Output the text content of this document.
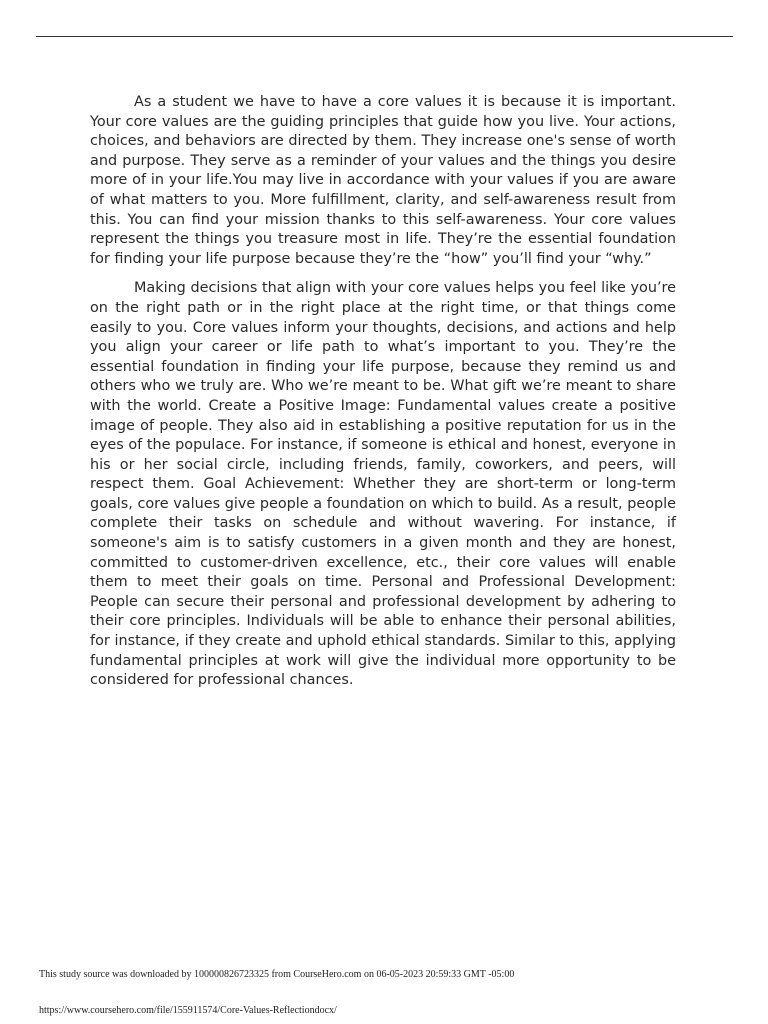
As a student we have to have a core values it is because it is important. Your core values are the guiding principles that guide how you live. Your actions, choices, and behaviors are directed by them. They increase one's sense of worth and purpose. They serve as a reminder of your values and the things you desire more of in your life.You may live in accordance with your values if you are aware of what matters to you. More fulfillment, clarity, and self-awareness result from this. You can find your mission thanks to this self-awareness. Your core values represent the things you treasure most in life. They’re the essential foundation for finding your life purpose because they’re the “how” you’ll find your “why.”

Making decisions that align with your core values helps you feel like you’re on the right path or in the right place at the right time, or that things come easily to you. Core values inform your thoughts, decisions, and actions and help you align your career or life path to what’s important to you. They’re the essential foundation in finding your life purpose, because they remind us and others who we truly are. Who we’re meant to be. What gift we’re meant to share with the world. Create a Positive Image: Fundamental values create a positive image of people. They also aid in establishing a positive reputation for us in the eyes of the populace. For instance, if someone is ethical and honest, everyone in his or her social circle, including friends, family, coworkers, and peers, will respect them. Goal Achievement: Whether they are short-term or long-term goals, core values give people a foundation on which to build. As a result, people complete their tasks on schedule and without wavering. For instance, if someone's aim is to satisfy customers in a given month and they are honest, committed to customer-driven excellence, etc., their core values will enable them to meet their goals on time. Personal and Professional Development: People can secure their personal and professional development by adhering to their core principles. Individuals will be able to enhance their personal abilities, for instance, if they create and uphold ethical standards. Similar to this, applying fundamental principles at work will give the individual more opportunity to be considered for professional chances.

This study source was downloaded by 100000826723325 from CourseHero.com on 06-05-2023 20:59:33 GMT -05:00
https://www.coursehero.com/file/155911574/Core-Values-Reflectiondocx/
